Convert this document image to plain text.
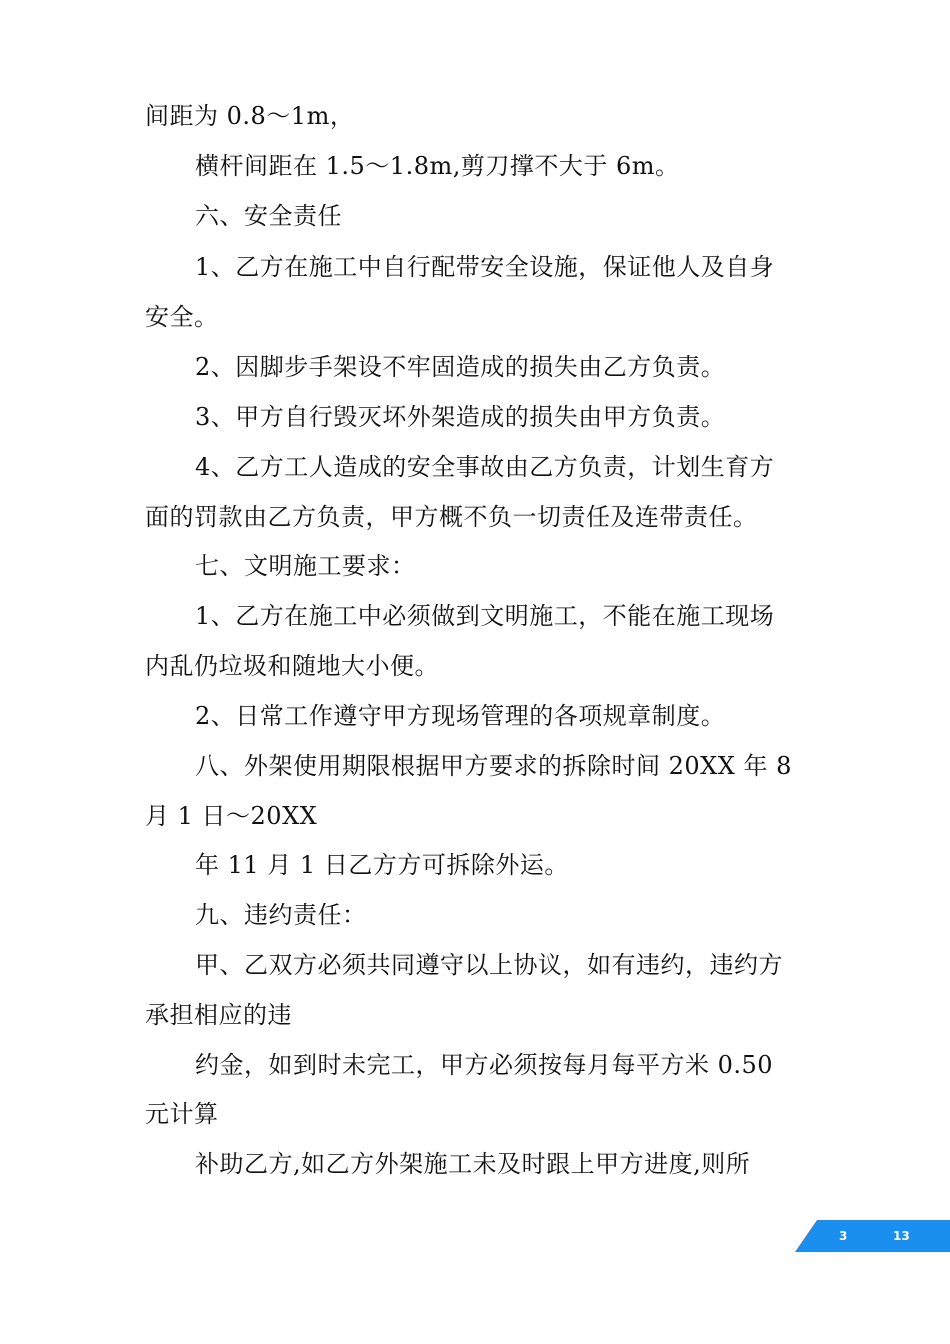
间距为 0.8～1m，
横杆间距在 1.5～1.8m,剪刀撑不大于 6m。
六、安全责任
1、乙方在施工中自行配带安全设施，保证他人及自身
安全。
2、因脚步手架设不牢固造成的损失由乙方负责。
3、甲方自行毁灭坏外架造成的损失由甲方负责。
4、乙方工人造成的安全事故由乙方负责，计划生育方
面的罚款由乙方负责，甲方概不负一切责任及连带责任。
七、文明施工要求：
1、乙方在施工中必须做到文明施工，不能在施工现场
内乱仍垃圾和随地大小便。
2、日常工作遵守甲方现场管理的各项规章制度。
八、外架使用期限根据甲方要求的拆除时间 20XX 年 8
月 1 日～20XX
年 11 月 1 日乙方方可拆除外运。
九、违约责任：
甲、乙双方必须共同遵守以上协议，如有违约，违约方
承担相应的违
约金，如到时未完工，甲方必须按每月每平方米 0.50
元计算
补助乙方,如乙方外架施工未及时跟上甲方进度,则所
3	13
